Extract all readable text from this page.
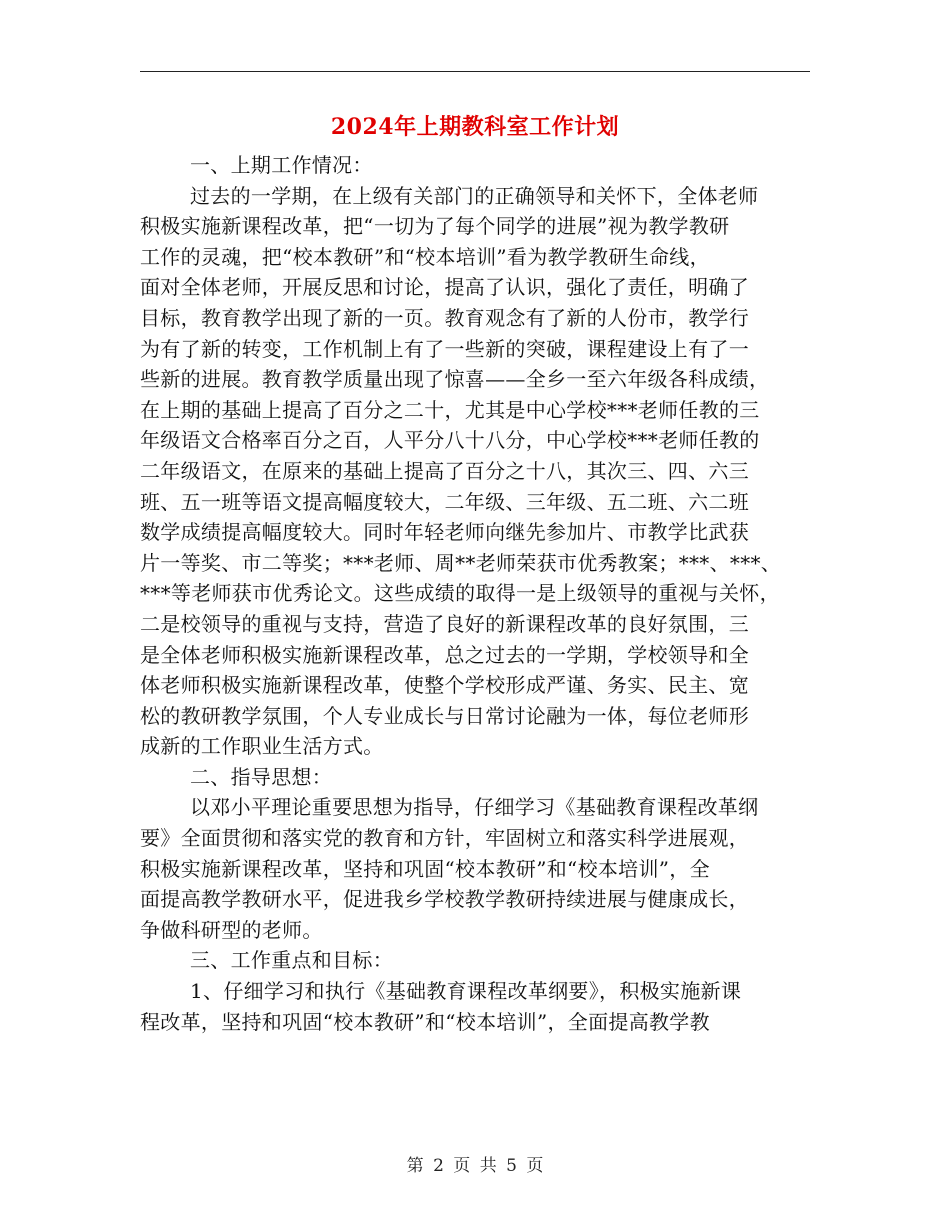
2024年上期教科室工作计划
一、上期工作情况：
过去的一学期，在上级有关部门的正确领导和关怀下，全体老师
积极实施新课程改革，把“一切为了每个同学的进展”视为教学教研
工作的灵魂，把“校本教研”和“校本培训”看为教学教研生命线，
面对全体老师，开展反思和讨论，提高了认识，强化了责任，明确了
目标，教育教学出现了新的一页。教育观念有了新的人份市，教学行
为有了新的转变，工作机制上有了一些新的突破，课程建设上有了一
些新的进展。教育教学质量出现了惊喜——全乡一至六年级各科成绩，
在上期的基础上提高了百分之二十，尤其是中心学校***老师任教的三
年级语文合格率百分之百，人平分八十八分，中心学校***老师任教的
二年级语文，在原来的基础上提高了百分之十八，其次三、四、六三
班、五一班等语文提高幅度较大，二年级、三年级、五二班、六二班
数学成绩提高幅度较大。同时年轻老师向继先参加片、市教学比武获
片一等奖、市二等奖；***老师、周**老师荣获市优秀教案；***、***、
***等老师获市优秀论文。这些成绩的取得一是上级领导的重视与关怀，
二是校领导的重视与支持，营造了良好的新课程改革的良好氛围，三
是全体老师积极实施新课程改革，总之过去的一学期，学校领导和全
体老师积极实施新课程改革，使整个学校形成严谨、务实、民主、宽
松的教研教学氛围，个人专业成长与日常讨论融为一体，每位老师形
成新的工作职业生活方式。
二、指导思想：
以邓小平理论重要思想为指导，仔细学习《基础教育课程改革纲
要》全面贯彻和落实党的教育和方针，牢固树立和落实科学进展观，
积极实施新课程改革，坚持和巩固“校本教研”和“校本培训”，全
面提高教学教研水平，促进我乡学校教学教研持续进展与健康成长，
争做科研型的老师。
三、工作重点和目标：
1、仔细学习和执行《基础教育课程改革纲要》，积极实施新课
程改革，坚持和巩固“校本教研”和“校本培训”，全面提高教学教
第 2 页 共 5 页
